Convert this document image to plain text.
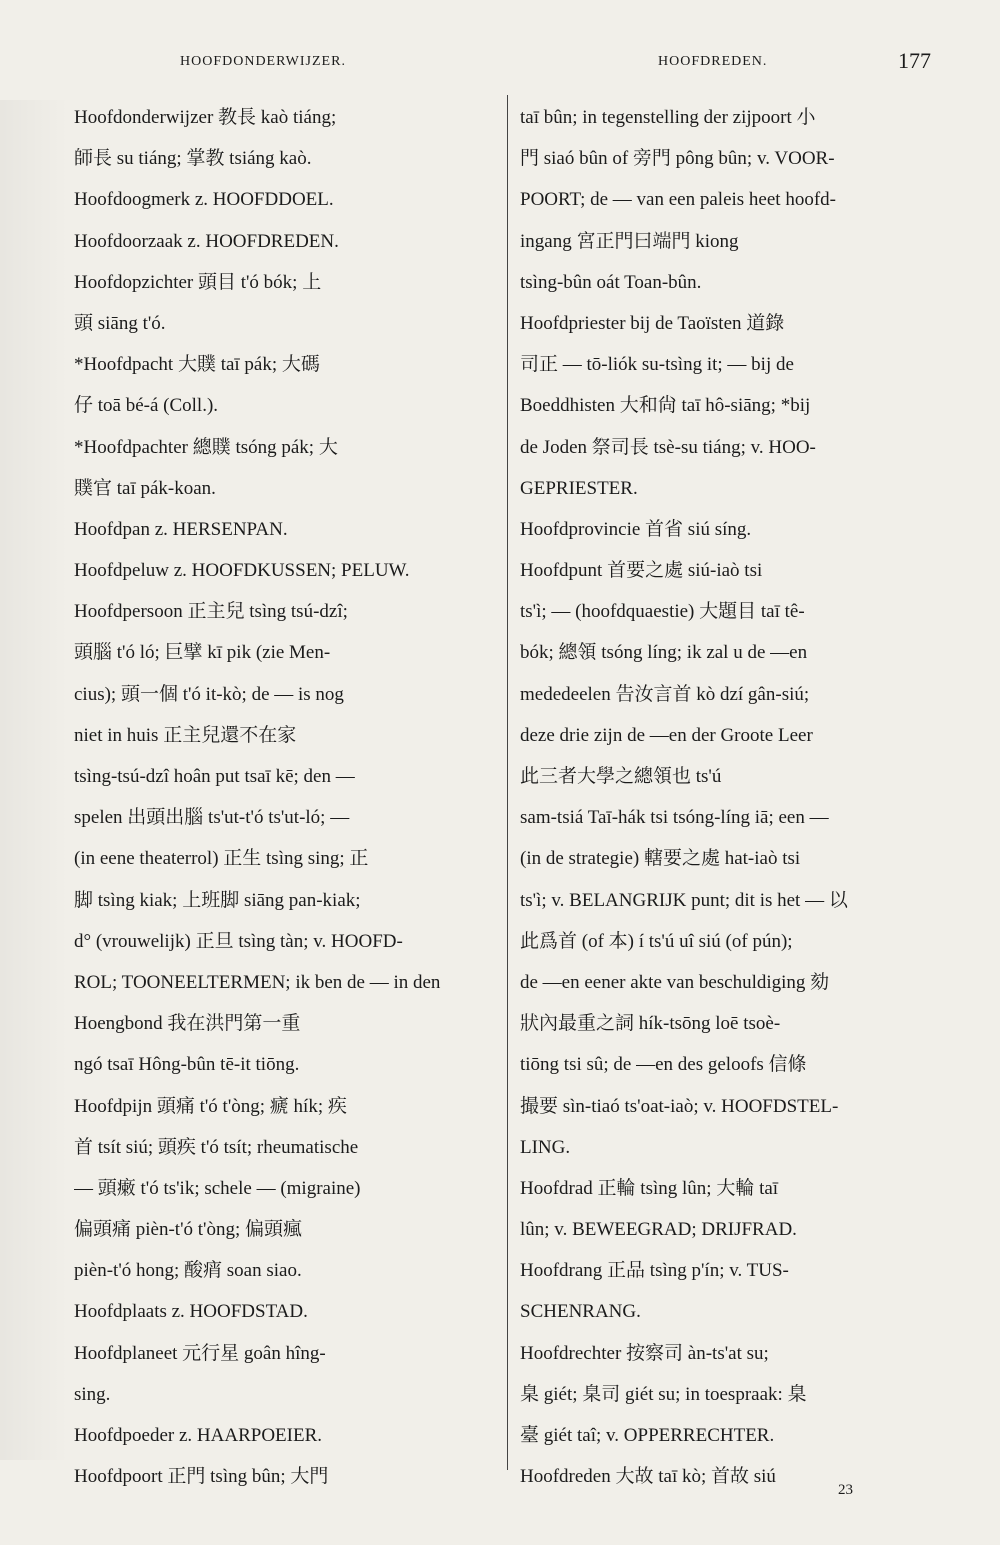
HOOFDONDERWIJZER.	HOOFDREDEN.	177
Hoofdonderwijzer 教長 kaò tiáng;
師長 su tiáng; 掌教 tsiáng kaò.
Hoofdoogmerk z. HOOFDDOEL.
Hoofdoorzaak z. HOOFDREDEN.
Hoofdopzichter 頭目 t'ó bók; 上
頭 siāng t'ó.
*Hoofdpacht 大贌 taī pák; 大碼
仔 toā bé-á (Coll.).
*Hoofdpachter 總贌 tsóng pák; 大
贌官 taī pák-koan.
Hoofdpan z. HERSENPAN.
Hoofdpeluw z. HOOFDKUSSEN; PELUW.
Hoofdpersoon 正主兒 tsìng tsú-dzî;
頭腦 t'ó ló; 巨擘 kī pik (zie Men-
cius); 頭一個 t'ó it-kò; de — is nog
niet in huis 正主兒還不在家
tsìng-tsú-dzî hoân put tsaī kē; den —
spelen 出頭出腦 ts'ut-t'ó ts'ut-ló; —
(in eene theaterrol) 正生 tsìng sing; 正
脚 tsìng kiak; 上班脚 siāng pan-kiak;
d° (vrouwelijk) 正旦 tsìng tàn; v. HOOFD-
ROL; TOONEELTERMEN; ik ben de — in den
Hoengbond 我在洪門第一重
ngó tsaī Hông-bûn tē-it tiōng.
Hoofdpijn 頭痛 t'ó t'òng; 㾷 hík; 疾
首 tsít siú; 頭疾 t'ó tsít; rheumatische
— 頭瘷 t'ó ts'ik; schele — (migraine)
偏頭痛 pièn-t'ó t'òng; 偏頭瘋
pièn-t'ó hong; 酸痟 soan siao.
Hoofdplaats z. HOOFDSTAD.
Hoofdplaneet 元行星 goân hîng-
sing.
Hoofdpoeder z. HAARPOEIER.
Hoofdpoort 正門 tsìng bûn; 大門
taī bûn; in tegenstelling der zijpoort 小
門 siaó bûn of 旁門 pông bûn; v. VOOR-
POORT; de — van een paleis heet hoofd-
ingang 宮正門曰端門 kiong
tsìng-bûn oát Toan-bûn.
Hoofdpriester bij de Taoïsten 道錄
司正 — tō-liók su-tsìng it; — bij de
Boeddhisten 大和尙 taī hô-siāng; *bij
de Joden 祭司長 tsè-su tiáng; v. HOO-
GEPRIESTER.
Hoofdprovincie 首省 siú síng.
Hoofdpunt 首要之處 siú-iaò tsi
ts'ì; — (hoofdquaestie) 大題目 taī tê-
bók; 總領 tsóng líng; ik zal u de —en
mededeelen 告汝言首 kò dzí gân-siú;
deze drie zijn de —en der Groote Leer
此三者大學之總領也 ts'ú
sam-tsiá Taī-hák tsi tsóng-líng iā; een —
(in de strategie) 轄要之處 hat-iaò tsi
ts'ì; v. BELANGRIJK punt; dit is het — 以
此爲首 (of 本) í ts'ú uî siú (of pún);
de —en eener akte van beschuldiging 劾
狀內最重之詞 hík-tsōng loē tsoè-
tiōng tsi sû; de —en des geloofs 信條
撮要 sìn-tiaó ts'oat-iaò; v. HOOFDSTEL-
LING.
Hoofdrad 正輪 tsìng lûn; 大輪 taī
lûn; v. BEWEEGRAD; DRIJFRAD.
Hoofdrang 正品 tsìng p'ín; v. TUS-
SCHENRANG.
Hoofdrechter 按察司 àn-ts'at su;
臬 giét; 臬司 giét su; in toespraak: 臬
臺 giét taî; v. OPPERRECHTER.
Hoofdreden 大故 taī kò; 首故 siú
23
